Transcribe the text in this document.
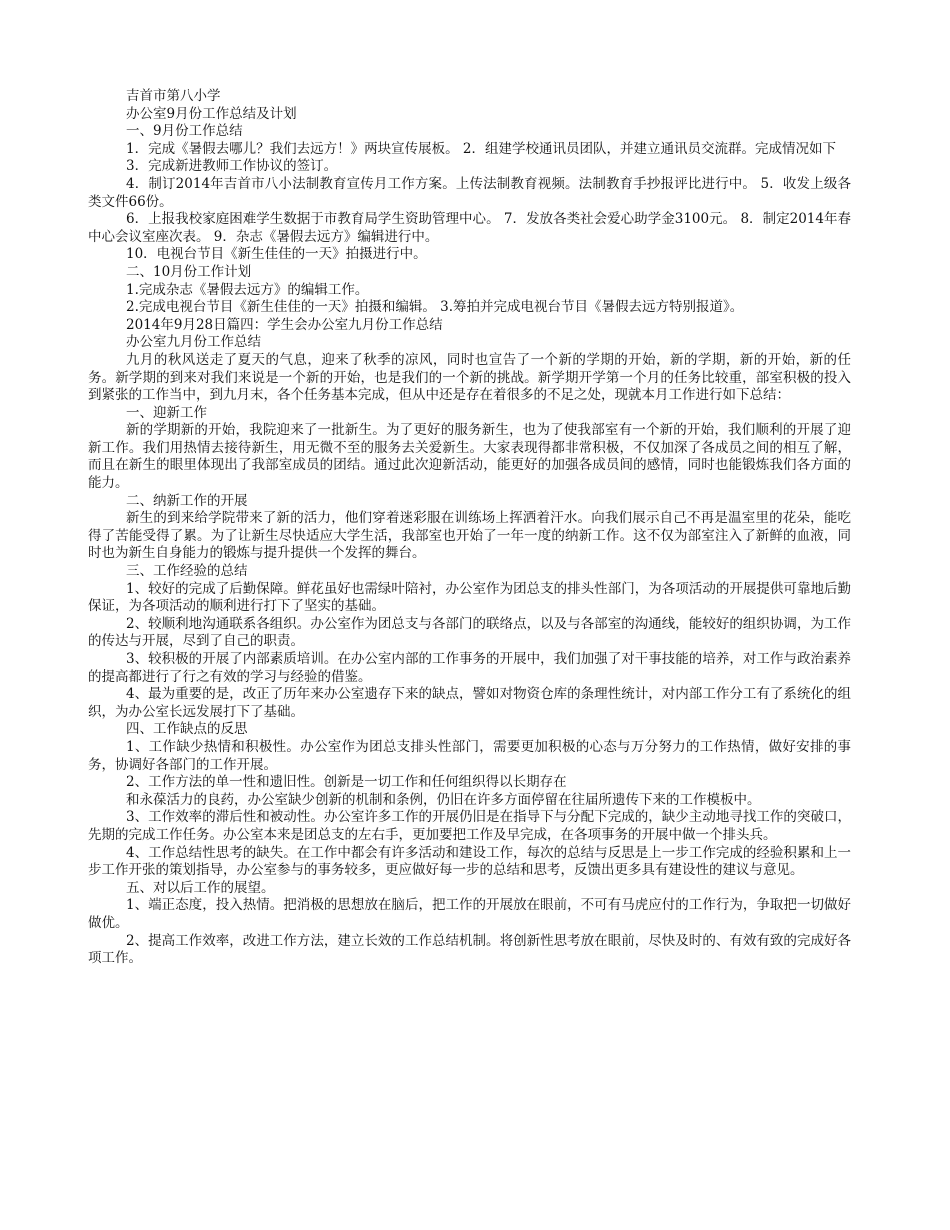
吉首市第八小学

办公室9月份工作总结及计划

一、9月份工作总结

1．完成《暑假去哪儿？我们去远方！》两块宣传展板。 2．组建学校通讯员团队，并建立通讯员交流群。完成情况如下

3．完成新进教师工作协议的签订。

4．制订2014年吉首市八小法制教育宣传月工作方案。上传法制教育视频。法制教育手抄报评比进行中。 5．收发上级各类文件66份。

6．上报我校家庭困难学生数据于市教育局学生资助管理中心。 7．发放各类社会爱心助学金3100元。 8．制定2014年春中心会议室座次表。 9．杂志《暑假去远方》编辑进行中。

10．电视台节目《新生佳佳的一天》拍摄进行中。

二、10月份工作计划

1.完成杂志《暑假去远方》的编辑工作。

2.完成电视台节目《新生佳佳的一天》拍摄和编辑。 3.筹拍并完成电视台节目《暑假去远方特别报道》。

2014年9月28日篇四：学生会办公室九月份工作总结

办公室九月份工作总结

九月的秋风送走了夏天的气息，迎来了秋季的凉风，同时也宣告了一个新的学期的开始，新的学期，新的开始，新的任务。新学期的到来对我们来说是一个新的开始，也是我们的一个新的挑战。新学期开学第一个月的任务比较重，部室积极的投入到紧张的工作当中，到九月末，各个任务基本完成，但从中还是存在着很多的不足之处，现就本月工作进行如下总结：

一、迎新工作

新的学期新的开始，我院迎来了一批新生。为了更好的服务新生，也为了使我部室有一个新的开始，我们顺利的开展了迎新工作。我们用热情去接待新生，用无微不至的服务去关爱新生。大家表现得都非常积极，不仅加深了各成员之间的相互了解，而且在新生的眼里体现出了我部室成员的团结。通过此次迎新活动，能更好的加强各成员间的感情，同时也能锻炼我们各方面的能力。

二、纳新工作的开展

新生的到来给学院带来了新的活力，他们穿着迷彩服在训练场上挥洒着汗水。向我们展示自己不再是温室里的花朵，能吃得了苦能受得了累。为了让新生尽快适应大学生活，我部室也开始了一年一度的纳新工作。这不仅为部室注入了新鲜的血液，同时也为新生自身能力的锻炼与提升提供一个发挥的舞台。

三、工作经验的总结

1、较好的完成了后勤保障。鲜花虽好也需绿叶陪衬，办公室作为团总支的排头性部门，为各项活动的开展提供可靠地后勤保证，为各项活动的顺利进行打下了坚实的基础。

2、较顺利地沟通联系各组织。办公室作为团总支与各部门的联络点，以及与各部室的沟通线，能较好的组织协调，为工作的传达与开展，尽到了自己的职责。

3、较积极的开展了内部素质培训。在办公室内部的工作事务的开展中，我们加强了对干事技能的培养，对工作与政治素养的提高都进行了行之有效的学习与经验的借鉴。

4、最为重要的是，改正了历年来办公室遗存下来的缺点，譬如对物资仓库的条理性统计，对内部工作分工有了系统化的组织，为办公室长远发展打下了基础。

四、工作缺点的反思

1、工作缺少热情和积极性。办公室作为团总支排头性部门，需要更加积极的心态与万分努力的工作热情，做好安排的事务，协调好各部门的工作开展。

2、工作方法的单一性和遗旧性。创新是一切工作和任何组织得以长期存在

和永葆活力的良药，办公室缺少创新的机制和条例，仍旧在许多方面停留在往届所遗传下来的工作模板中。

3、工作效率的滞后性和被动性。办公室许多工作的开展仍旧是在指导下与分配下完成的，缺少主动地寻找工作的突破口，先期的完成工作任务。办公室本来是团总支的左右手，更加要把工作及早完成，在各项事务的开展中做一个排头兵。

4、工作总结性思考的缺失。在工作中都会有许多活动和建设工作，每次的总结与反思是上一步工作完成的经验积累和上一步工作开张的策划指导，办公室参与的事务较多，更应做好每一步的总结和思考，反馈出更多具有建设性的建议与意见。

五、对以后工作的展望。

1、端正态度，投入热情。把消极的思想放在脑后，把工作的开展放在眼前，不可有马虎应付的工作行为，争取把一切做好做优。

2、提高工作效率，改进工作方法，建立长效的工作总结机制。将创新性思考放在眼前，尽快及时的、有效有致的完成好各项工作。
